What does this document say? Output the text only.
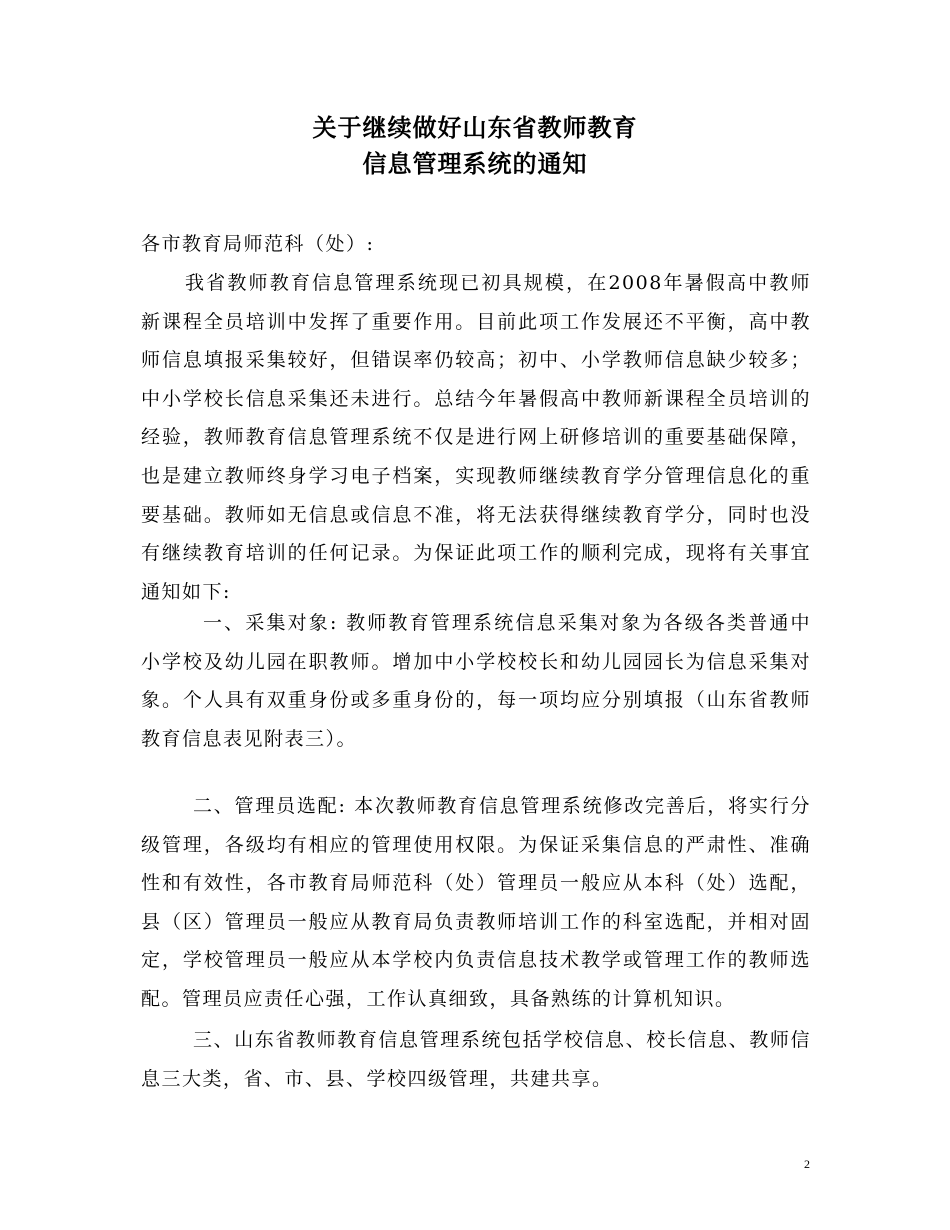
关于继续做好山东省教师教育
信息管理系统的通知
各市教育局师范科（处）:
我省教师教育信息管理系统现已初具规模，在2008年暑假高中教师新课程全员培训中发挥了重要作用。目前此项工作发展还不平衡，高中教师信息填报采集较好，但错误率仍较高；初中、小学教师信息缺少较多；中小学校长信息采集还未进行。总结今年暑假高中教师新课程全员培训的经验，教师教育信息管理系统不仅是进行网上研修培训的重要基础保障，也是建立教师终身学习电子档案，实现教师继续教育学分管理信息化的重要基础。教师如无信息或信息不准，将无法获得继续教育学分，同时也没有继续教育培训的任何记录。为保证此项工作的顺利完成，现将有关事宜通知如下:
一、采集对象: 教师教育管理系统信息采集对象为各级各类普通中小学校及幼儿园在职教师。增加中小学校校长和幼儿园园长为信息采集对象。个人具有双重身份或多重身份的，每一项均应分别填报（山东省教师教育信息表见附表三）。
二、管理员选配: 本次教师教育信息管理系统修改完善后，将实行分级管理，各级均有相应的管理使用权限。为保证采集信息的严肃性、准确性和有效性，各市教育局师范科（处）管理员一般应从本科（处）选配，县（区）管理员一般应从教育局负责教师培训工作的科室选配，并相对固定，学校管理员一般应从本学校内负责信息技术教学或管理工作的教师选配。管理员应责任心强，工作认真细致，具备熟练的计算机知识。
三、山东省教师教育信息管理系统包括学校信息、校长信息、教师信息三大类，省、市、县、学校四级管理，共建共享。
2
